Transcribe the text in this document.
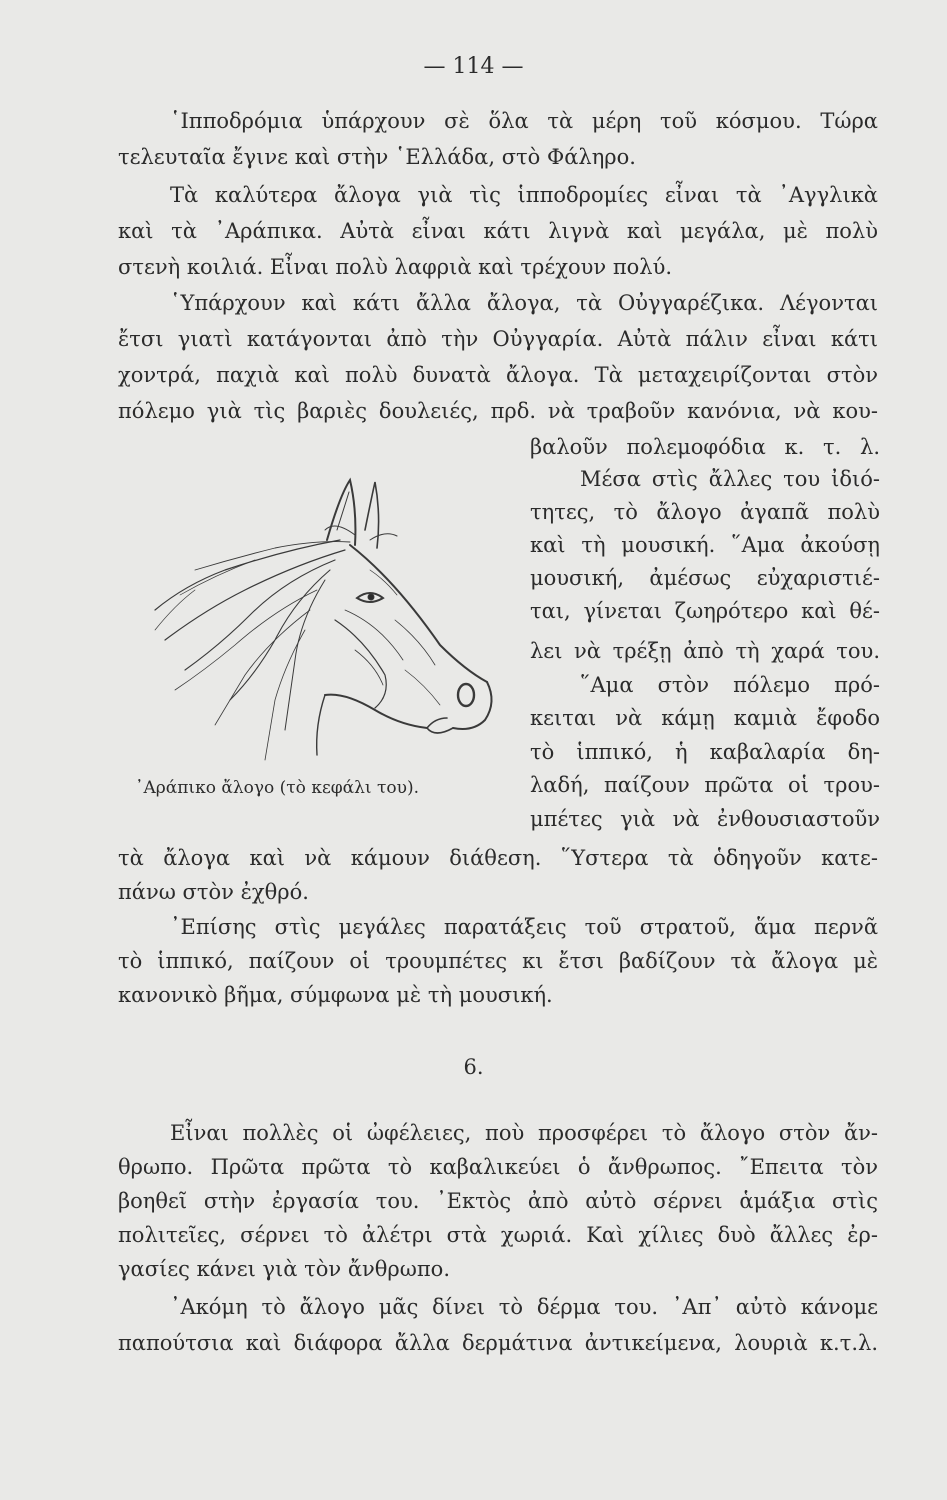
— 114 —

῾Ιπποδρόμια ὑπάρχουν σὲ ὅλα τὰ μέρη τοῦ κόσμου. Τώρα

τελευταῖα ἔγινε καὶ στὴν ῾Ελλάδα, στὸ Φάληρο.

Τὰ καλύτερα ἄλογα γιὰ τὶς ἱπποδρομίες εἶναι τὰ ᾿Αγγλικὰ

καὶ τὰ ᾿Αράπικα. Αὐτὰ εἶναι κάτι λιγνὰ καὶ μεγάλα, μὲ πολὺ

στενὴ κοιλιά. Εἶναι πολὺ λαφριὰ καὶ τρέχουν πολύ.

῾Υπάρχουν καὶ κάτι ἄλλα ἄλογα, τὰ Οὐγγαρέζικα. Λέγονται

ἔτσι γιατὶ κατάγονται ἀπὸ τὴν Οὐγγαρία. Αὐτὰ πάλιν εἶναι κάτι

χοντρά, παχιὰ καὶ πολὺ δυνατὰ ἄλογα. Τὰ μεταχειρίζονται στὸν

πόλεμο γιὰ τὶς βαριὲς δουλειές, πρδ. νὰ τραβοῦν κανόνια, νὰ κου-

βαλοῦν πολεμοφόδια κ. τ. λ.

Μέσα στὶς ἄλλες του ἰδιό-

τητες, τὸ ἄλογο ἀγαπᾶ πολὺ

καὶ τὴ μουσική. ῞Αμα ἀκούσῃ

μουσική, ἀμέσως εὐχαριστιέ-

ται, γίνεται ζωηρότερο καὶ θέ-

λει νὰ τρέξῃ ἀπὸ τὴ χαρά του.

῞Αμα στὸν πόλεμο πρό-

κειται νὰ κάμῃ καμιὰ ἔφοδο

τὸ ἱππικό, ἡ καβαλαρία δη-

λαδή, παίζουν πρῶτα οἱ τρου-

μπέτες γιὰ νὰ ἐνθουσιαστοῦν

᾿Αράπικο ἄλογο (τὸ κεφάλι του).

τὰ ἄλογα καὶ νὰ κάμουν διάθεση. ῞Υστερα τὰ ὁδηγοῦν κατε-

πάνω στὸν ἐχθρό.

᾿Επίσης στὶς μεγάλες παρατάξεις τοῦ στρατοῦ, ἅμα περνᾶ

τὸ ἱππικό, παίζουν οἱ τρουμπέτες κι ἔτσι βαδίζουν τὰ ἄλογα μὲ

κανονικὸ βῆμα, σύμφωνα μὲ τὴ μουσική.

6.

Εἶναι πολλὲς οἱ ὠφέλειες, ποὺ προσφέρει τὸ ἄλογο στὸν ἄν-

θρωπο. Πρῶτα πρῶτα τὸ καβαλικεύει ὁ ἄνθρωπος. ῎Επειτα τὸν

βοηθεῖ στὴν ἐργασία του. ᾿Εκτὸς ἀπὸ αὐτὸ σέρνει ἁμάξια στὶς

πολιτεῖες, σέρνει τὸ ἀλέτρι στὰ χωριά. Καὶ χίλιες δυὸ ἄλλες ἐρ-

γασίες κάνει γιὰ τὸν ἄνθρωπο.

᾿Ακόμη τὸ ἄλογο μᾶς δίνει τὸ δέρμα του. ᾿Απ᾿ αὐτὸ κάνομε

παπούτσια καὶ διάφορα ἄλλα δερμάτινα ἀντικείμενα, λουριὰ κ.τ.λ.
